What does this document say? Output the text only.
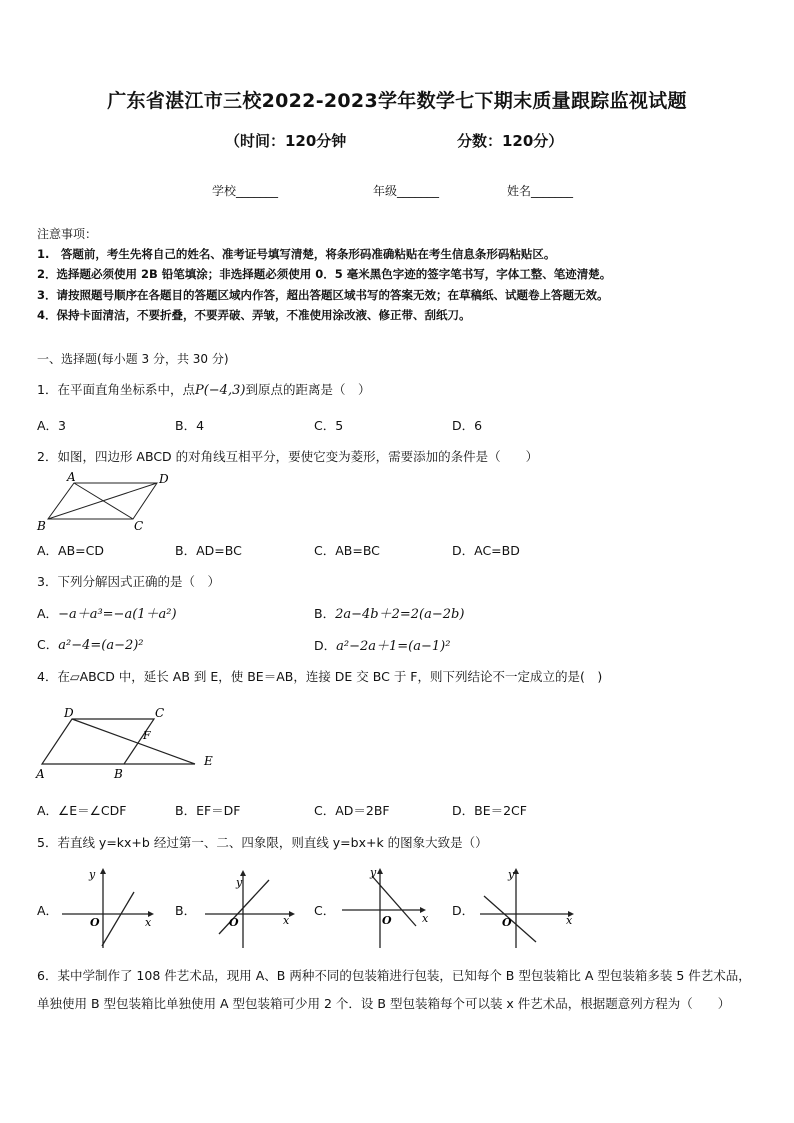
广东省湛江市三校2022-2023学年数学七下期末质量跟踪监视试题
（时间：120分钟	分数：120分）
学校_______	年级_______	姓名_______
注意事项：
1.　答题前，考生先将自己的姓名、准考证号填写清楚，将条形码准确粘贴在考生信息条形码粘贴区。
2．选择题必须使用 2B 铅笔填涂；非选择题必须使用 0．5 毫米黑色字迹的签字笔书写，字体工整、笔迹清楚。
3．请按照题号顺序在各题目的答题区域内作答，超出答题区域书写的答案无效；在草稿纸、试题卷上答题无效。
4．保持卡面清洁，不要折叠，不要弄破、弄皱，不准使用涂改液、修正带、刮纸刀。
一、选择题(每小题 3 分，共 30 分)
1．在平面直角坐标系中，点P(−4,3)到原点的距离是（　）
A．3	B．4	C．5	D．6
2．如图，四边形 ABCD 的对角线互相平分，要使它变为菱形，需要添加的条件是（　　）
A	D
B	C
A．AB=CD	B．AD=BC	C．AB=BC	D．AC=BD
3．下列分解因式正确的是（　）
A．−a＋a³=−a(1＋a²)	B．2a−4b＋2=2(a−2b)
C．a²−4=(a−2)²	D．a²−2a＋1=(a−1)²
4．在▱ABCD 中，延长 AB 到 E，使 BE＝AB，连接 DE 交 BC 于 F，则下列结论不一定成立的是(　)
D	C
F
A	B
E
A．∠E＝∠CDF	B．EF＝DF	C．AD＝2BF	D．BE＝2CF
5．若直线 y=kx+b 经过第一、二、四象限，则直线 y=bx+k 的图象大致是（）
A．
y
O	x
B．
y
O	x
C．
y
O	x
D．
y
O	x
6．某中学制作了 108 件艺术品，现用 A、B 两种不同的包装箱进行包装，已知每个 B 型包装箱比 A 型包装箱多装 5 件艺术品，单独使用 B 型包装箱比单独使用 A 型包装箱可少用 2 个．设 B 型包装箱每个可以装 x 件艺术品，根据题意列方程为（　　）
